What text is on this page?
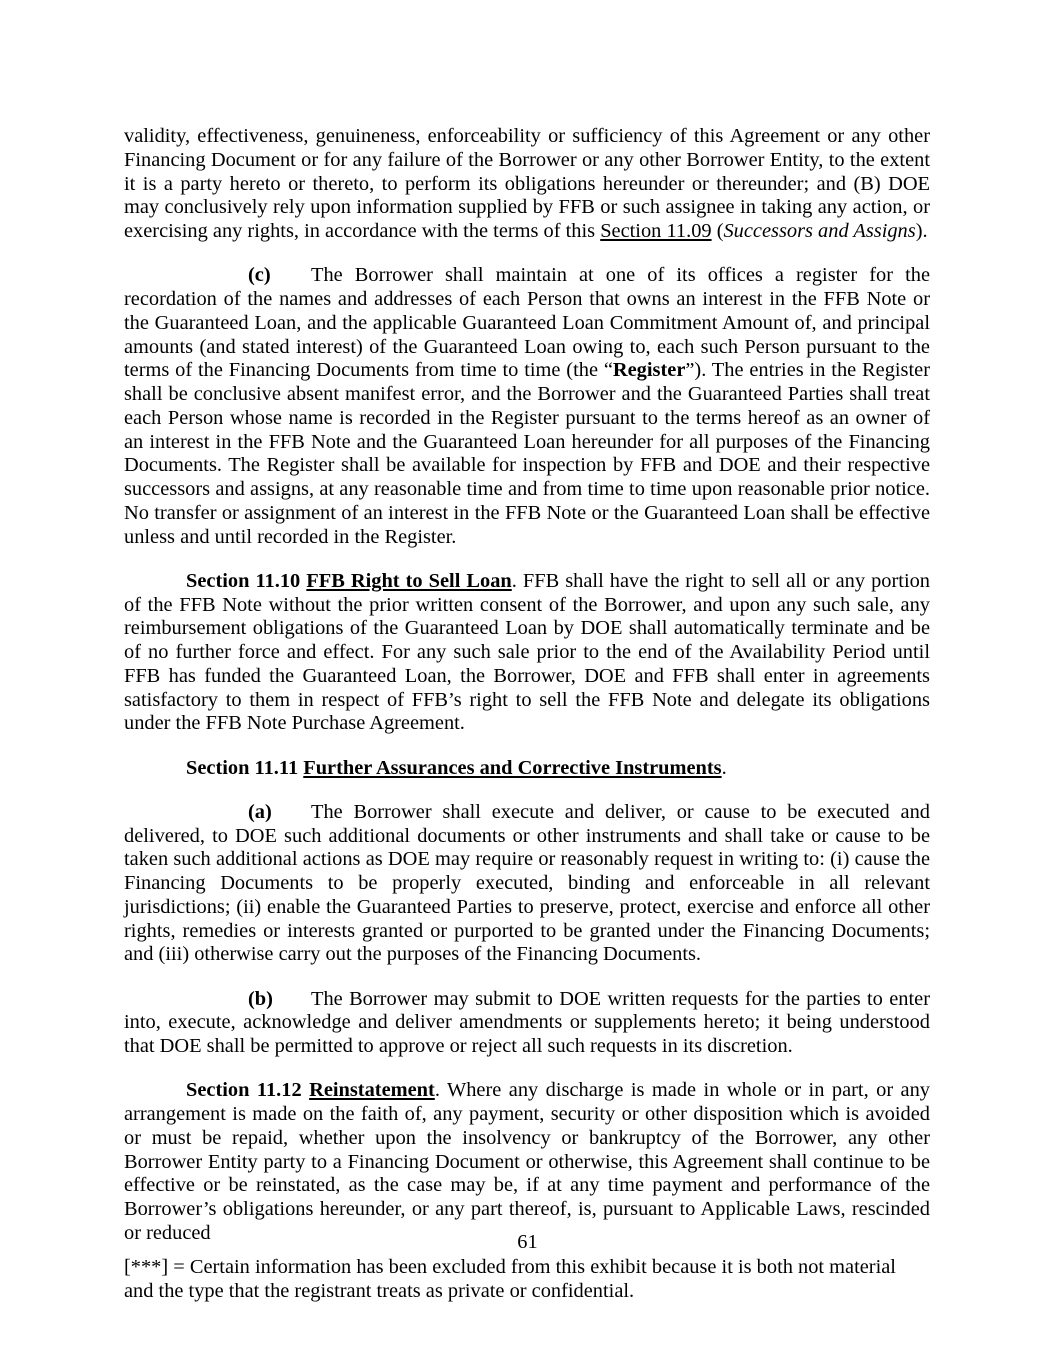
validity, effectiveness, genuineness, enforceability or sufficiency of this Agreement or any other Financing Document or for any failure of the Borrower or any other Borrower Entity, to the extent it is a party hereto or thereto, to perform its obligations hereunder or thereunder; and (B) DOE may conclusively rely upon information supplied by FFB or such assignee in taking any action, or exercising any rights, in accordance with the terms of this Section 11.09 (Successors and Assigns).

(c) The Borrower shall maintain at one of its offices a register for the recordation of the names and addresses of each Person that owns an interest in the FFB Note or the Guaranteed Loan, and the applicable Guaranteed Loan Commitment Amount of, and principal amounts (and stated interest) of the Guaranteed Loan owing to, each such Person pursuant to the terms of the Financing Documents from time to time (the “Register”). The entries in the Register shall be conclusive absent manifest error, and the Borrower and the Guaranteed Parties shall treat each Person whose name is recorded in the Register pursuant to the terms hereof as an owner of an interest in the FFB Note and the Guaranteed Loan hereunder for all purposes of the Financing Documents. The Register shall be available for inspection by FFB and DOE and their respective successors and assigns, at any reasonable time and from time to time upon reasonable prior notice. No transfer or assignment of an interest in the FFB Note or the Guaranteed Loan shall be effective unless and until recorded in the Register.

Section 11.10 FFB Right to Sell Loan. FFB shall have the right to sell all or any portion of the FFB Note without the prior written consent of the Borrower, and upon any such sale, any reimbursement obligations of the Guaranteed Loan by DOE shall automatically terminate and be of no further force and effect. For any such sale prior to the end of the Availability Period until FFB has funded the Guaranteed Loan, the Borrower, DOE and FFB shall enter in agreements satisfactory to them in respect of FFB’s right to sell the FFB Note and delegate its obligations under the FFB Note Purchase Agreement.

Section 11.11 Further Assurances and Corrective Instruments.

(a) The Borrower shall execute and deliver, or cause to be executed and delivered, to DOE such additional documents or other instruments and shall take or cause to be taken such additional actions as DOE may require or reasonably request in writing to: (i) cause the Financing Documents to be properly executed, binding and enforceable in all relevant jurisdictions; (ii) enable the Guaranteed Parties to preserve, protect, exercise and enforce all other rights, remedies or interests granted or purported to be granted under the Financing Documents; and (iii) otherwise carry out the purposes of the Financing Documents.

(b) The Borrower may submit to DOE written requests for the parties to enter into, execute, acknowledge and deliver amendments or supplements hereto; it being understood that DOE shall be permitted to approve or reject all such requests in its discretion.

Section 11.12 Reinstatement. Where any discharge is made in whole or in part, or any arrangement is made on the faith of, any payment, security or other disposition which is avoided or must be repaid, whether upon the insolvency or bankruptcy of the Borrower, any other Borrower Entity party to a Financing Document or otherwise, this Agreement shall continue to be effective or be reinstated, as the case may be, if at any time payment and performance of the Borrower’s obligations hereunder, or any part thereof, is, pursuant to Applicable Laws, rescinded or reduced	61
[***] = Certain information has been excluded from this exhibit because it is both not material and the type that the registrant treats as private or confidential.
